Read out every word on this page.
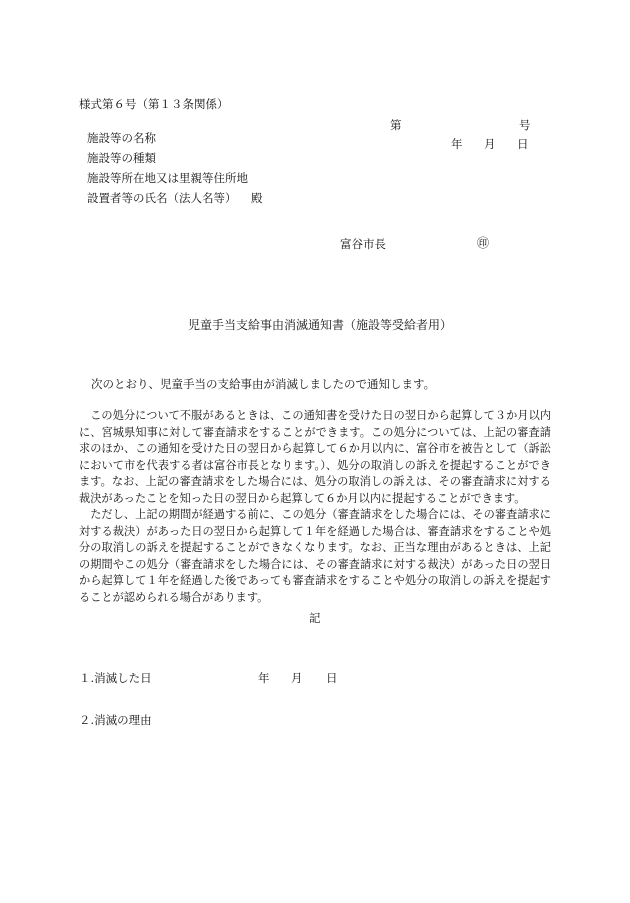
様式第６号（第１３条関係）
第	号
年 月 日
施設等の名称
施設等の種類
施設等所在地又は里親等住所地
設置者等の氏名（法人名等） 殿
富谷市長	㊞
児童手当支給事由消滅通知書（施設等受給者用）
次のとおり、児童手当の支給事由が消滅しましたので通知します。

この処分について不服があるときは、この通知書を受けた日の翌日から起算して３か月以内に、宮城県知事に対して審査請求をすることができます。この処分については、上記の審査請求のほか、この通知を受けた日の翌日から起算して６か月以内に、富谷市を被告として（訴訟において市を代表する者は富谷市長となります。）、処分の取消しの訴えを提起することができます。なお、上記の審査請求をした場合には、処分の取消しの訴えは、その審査請求に対する裁決があったことを知った日の翌日から起算して６か月以内に提起することができます。

ただし、上記の期間が経過する前に、この処分（審査請求をした場合には、その審査請求に対する裁決）があった日の翌日から起算して１年を経過した場合は、審査請求をすることや処分の取消しの訴えを提起することができなくなります。なお、正当な理由があるときは、上記の期間やこの処分（審査請求をした場合には、その審査請求に対する裁決）があった日の翌日から起算して１年を経過した後であっても審査請求をすることや処分の取消しの訴えを提起することが認められる場合があります。

記
１.消滅した日	年 月 日
２.消滅の理由
